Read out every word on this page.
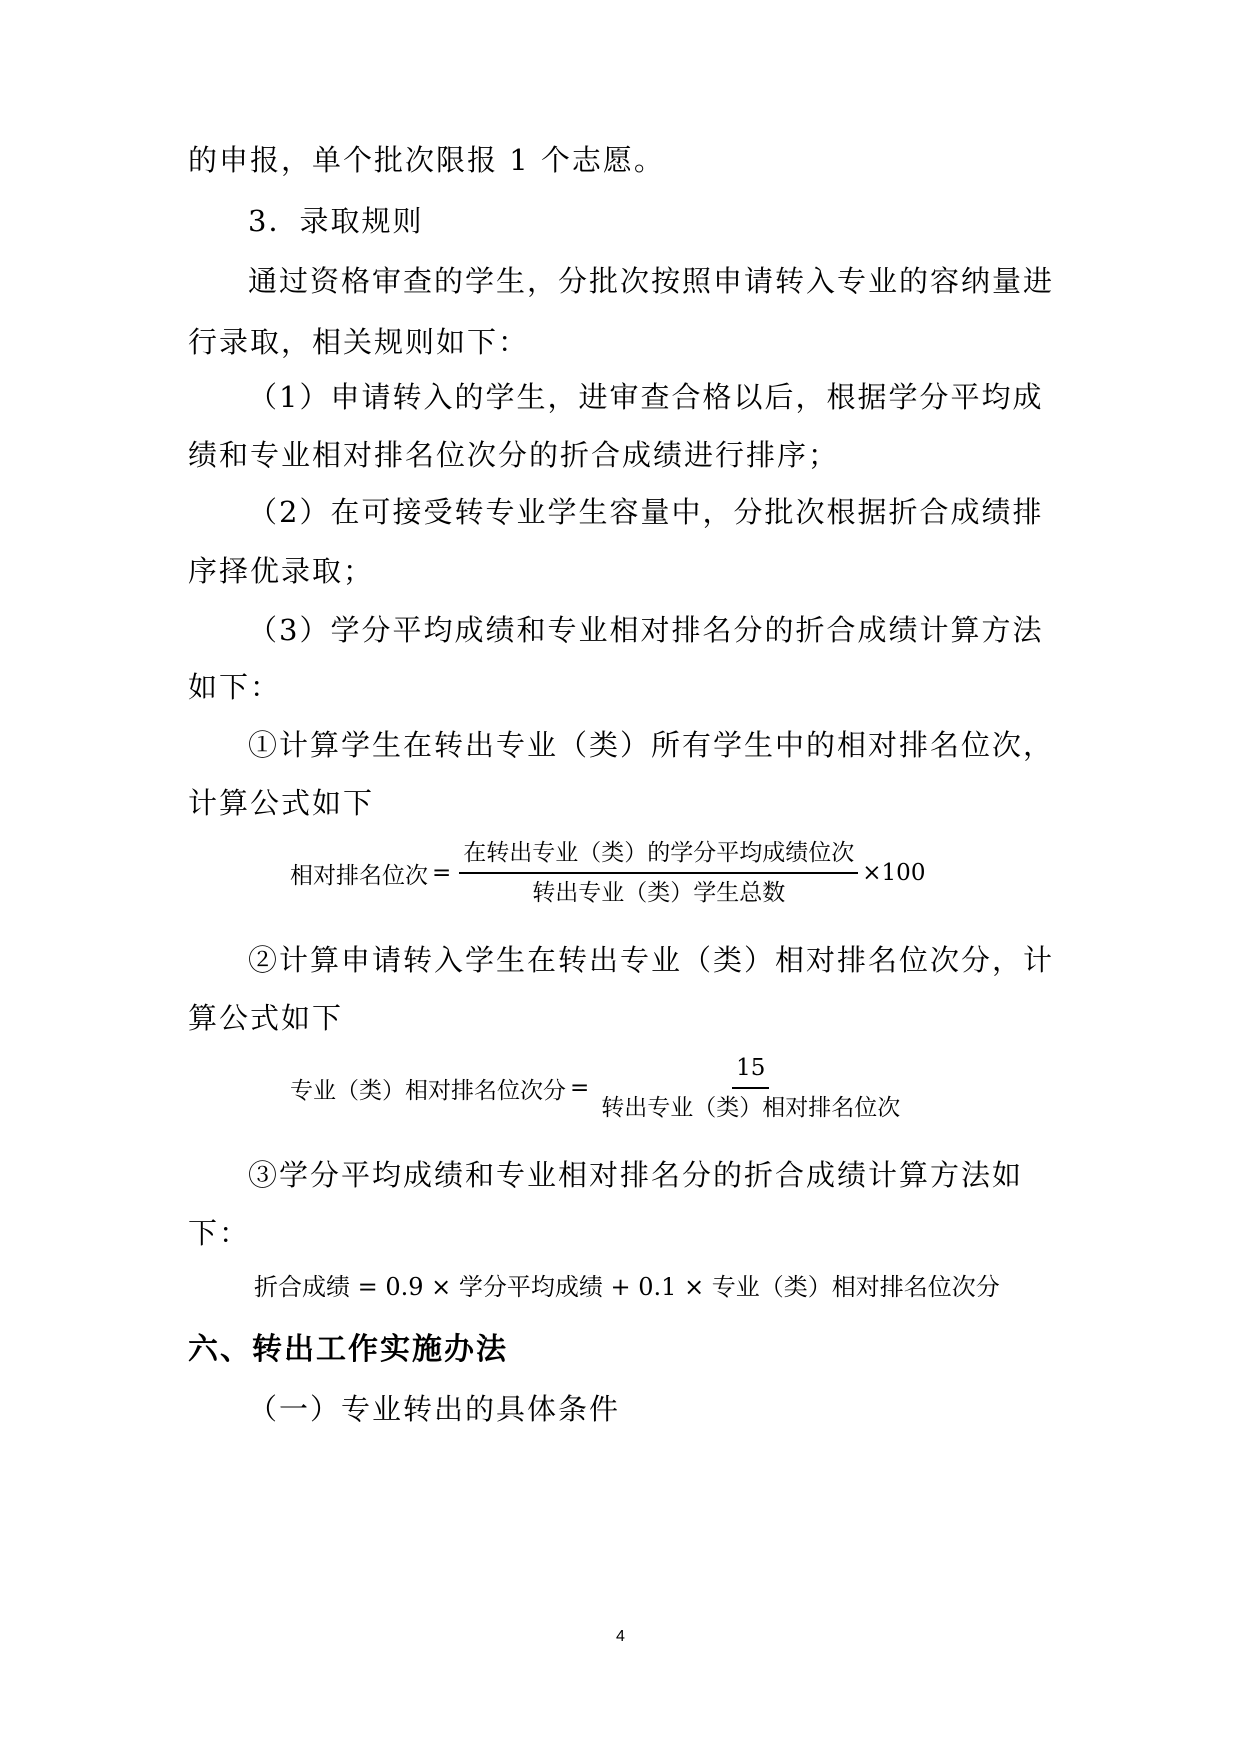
的申报，单个批次限报 1 个志愿。
3．录取规则
通过资格审查的学生，分批次按照申请转入专业的容纳量进
行录取，相关规则如下：
（1）申请转入的学生，进审查合格以后，根据学分平均成
绩和专业相对排名位次分的折合成绩进行排序；
（2）在可接受转专业学生容量中，分批次根据折合成绩排
序择优录取；
（3）学分平均成绩和专业相对排名分的折合成绩计算方法
如下：
①计算学生在转出专业（类）所有学生中的相对排名位次，
计算公式如下
相对排名位次 = $\frac{\text{在转出专业（类）的学分平均成绩位次}}{\text{转出专业（类）学生总数}} \times 100$
②计算申请转入学生在转出专业（类）相对排名位次分，计
算公式如下
专业（类）相对排名位次分 = $\frac{15}{\text{转出专业（类）相对排名位次}}$
③学分平均成绩和专业相对排名分的折合成绩计算方法如
下：
折合成绩 = 0.9 × 学分平均成绩 + 0.1 × 专业（类）相对排名位次分
六、转出工作实施办法
（一）专业转出的具体条件
4
